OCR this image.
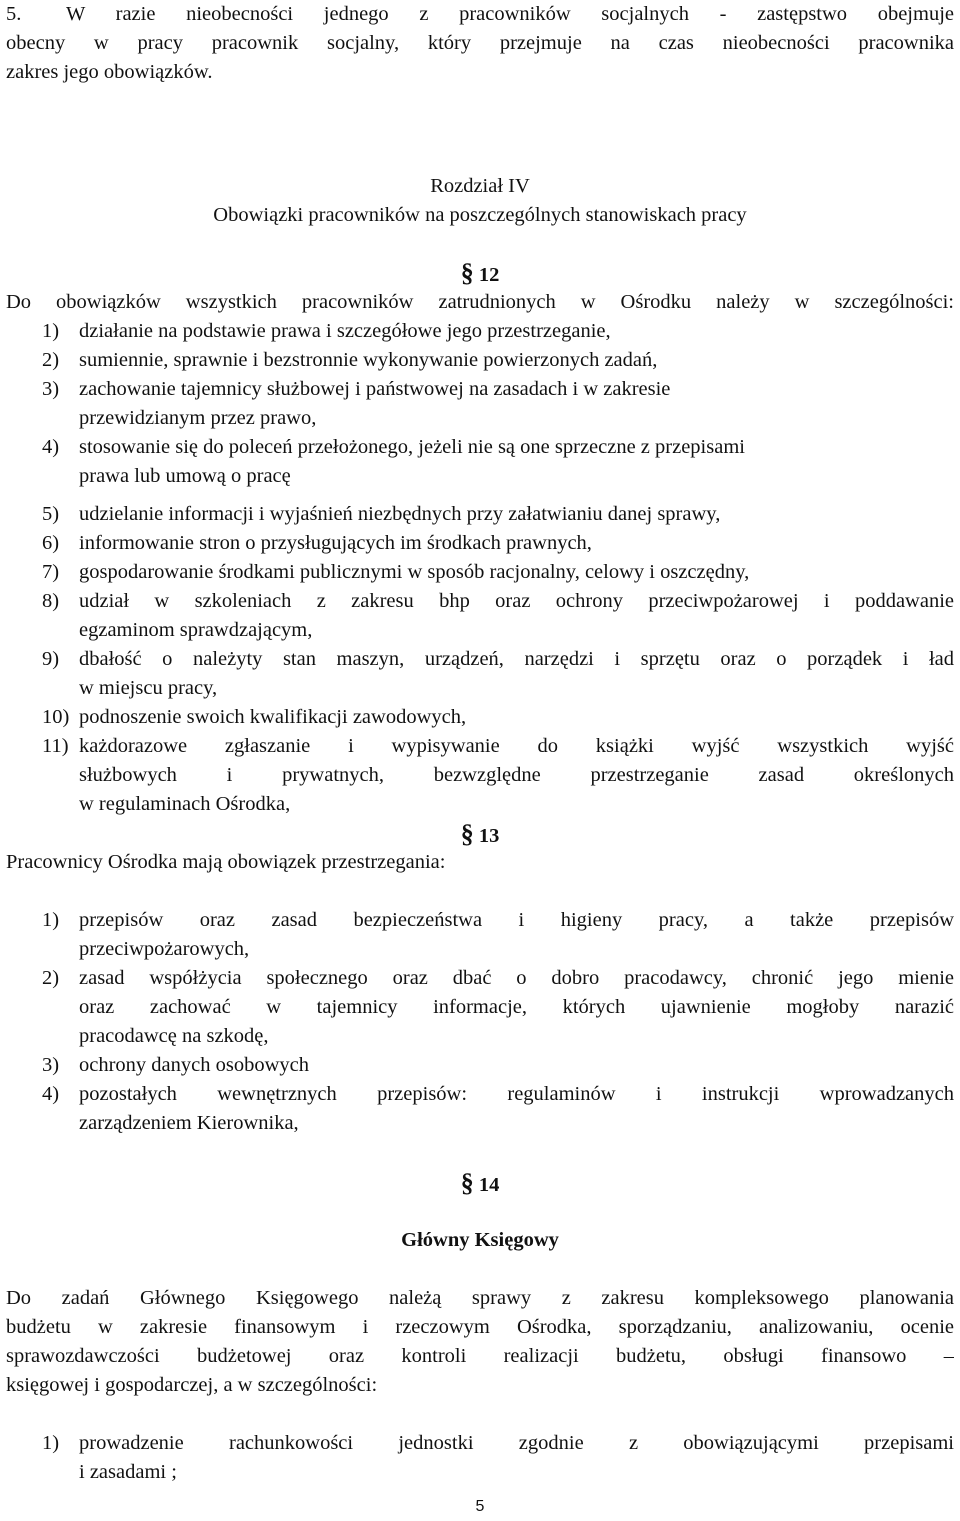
5. W razie nieobecności jednego z pracowników socjalnych - zastępstwo obejmuje
obecny w pracy pracownik socjalny, który przejmuje na czas nieobecności pracownika
zakres jego obowiązków.
Rozdział IV
Obowiązki pracowników na poszczególnych stanowiskach pracy
§ 12
Do obowiązków wszystkich pracowników zatrudnionych w Ośrodku należy w szczególności:
1) działanie na podstawie prawa i szczegółowe jego przestrzeganie,
2) sumiennie, sprawnie i bezstronnie wykonywanie powierzonych zadań,
3) zachowanie tajemnicy służbowej i państwowej na zasadach i w zakresie
przewidzianym przez prawo,
4) stosowanie się do poleceń przełożonego, jeżeli nie są one sprzeczne z przepisami
prawa lub umową o pracę
5) udzielanie informacji i wyjaśnień niezbędnych przy załatwianiu danej sprawy,
6) informowanie stron o przysługujących im środkach prawnych,
7) gospodarowanie środkami publicznymi w sposób racjonalny, celowy i oszczędny,
8) udział w szkoleniach z zakresu bhp oraz ochrony przeciwpożarowej i poddawanie
egzaminom sprawdzającym,
9) dbałość o należyty stan maszyn, urządzeń, narzędzi i sprzętu oraz o porządek i ład
w miejscu pracy,
10) podnoszenie swoich kwalifikacji zawodowych,
11) każdorazowe zgłaszanie i wypisywanie do książki wyjść wszystkich wyjść
służbowych i prywatnych, bezwzględne przestrzeganie zasad określonych
w regulaminach Ośrodka,
§ 13
Pracownicy Ośrodka mają obowiązek przestrzegania:
1) przepisów oraz zasad bezpieczeństwa i higieny pracy, a także przepisów
przeciwpożarowych,
2) zasad współżycia społecznego oraz dbać o dobro pracodawcy, chronić jego mienie
oraz zachować w tajemnicy informacje, których ujawnienie mogłoby narazić
pracodawcę na szkodę,
3) ochrony danych osobowych
4) pozostałych wewnętrznych przepisów: regulaminów i instrukcji wprowadzanych
zarządzeniem Kierownika,
§ 14
Główny Księgowy
Do zadań Głównego Księgowego należą sprawy z zakresu kompleksowego planowania
budżetu w zakresie finansowym i rzeczowym Ośrodka, sporządzaniu, analizowaniu, ocenie
sprawozdawczości budżetowej oraz kontroli realizacji budżetu, obsługi finansowo –
księgowej i gospodarczej, a w szczególności:
1) prowadzenie rachunkowości jednostki zgodnie z obowiązującymi przepisami
i zasadami ;
5
